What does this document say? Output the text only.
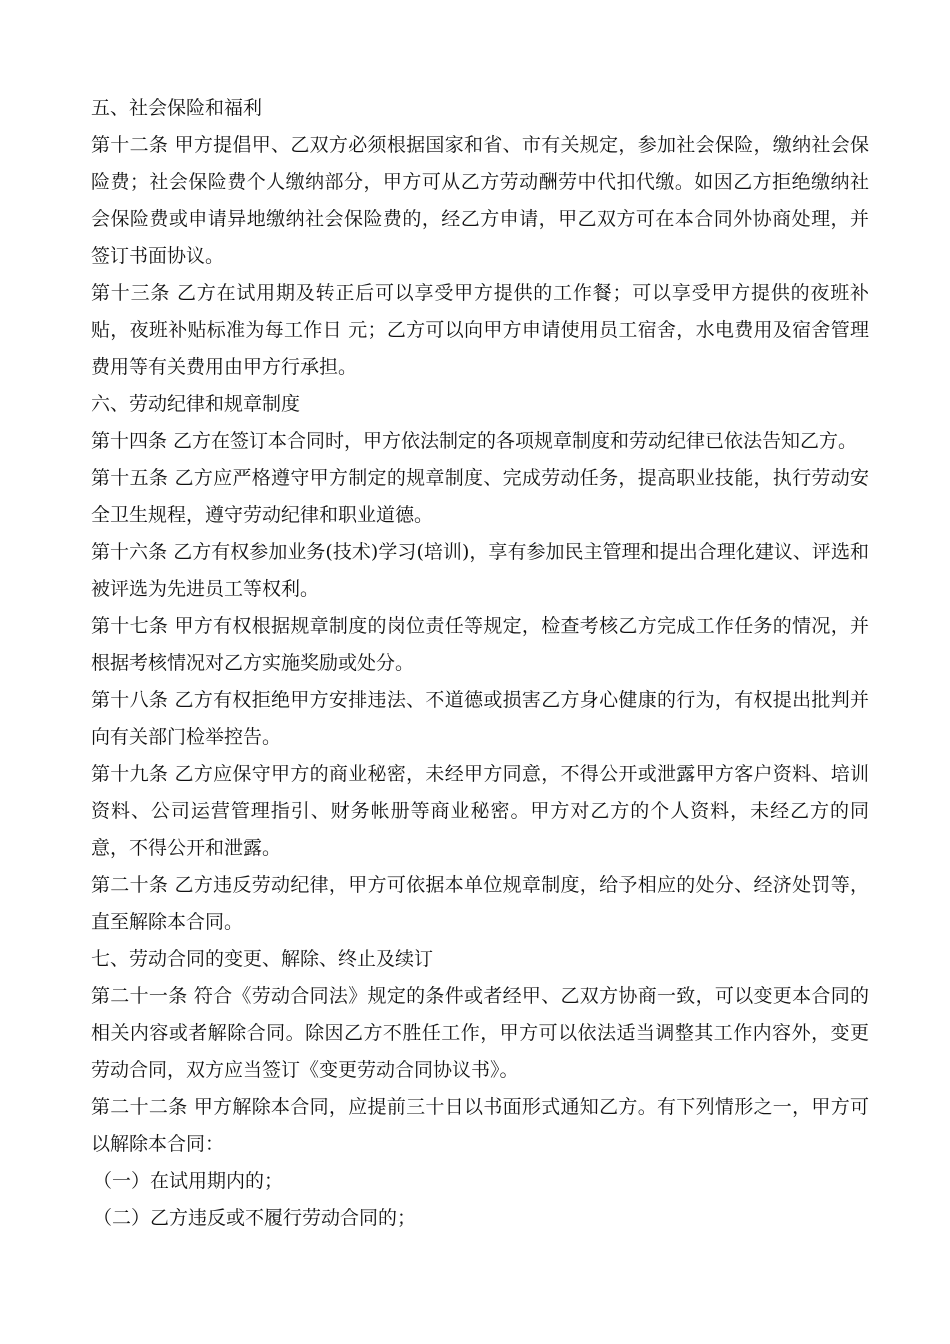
五、社会保险和福利

第十二条 甲方提倡甲、乙双方必须根据国家和省、市有关规定，参加社会保险，缴纳社会保险费；社会保险费个人缴纳部分，甲方可从乙方劳动酬劳中代扣代缴。如因乙方拒绝缴纳社会保险费或申请异地缴纳社会保险费的，经乙方申请，甲乙双方可在本合同外协商处理，并签订书面协议。

第十三条 乙方在试用期及转正后可以享受甲方提供的工作餐；可以享受甲方提供的夜班补贴，夜班补贴标准为每工作日 元；乙方可以向甲方申请使用员工宿舍，水电费用及宿舍管理费用等有关费用由甲方行承担。

六、劳动纪律和规章制度

第十四条 乙方在签订本合同时，甲方依法制定的各项规章制度和劳动纪律已依法告知乙方。

第十五条 乙方应严格遵守甲方制定的规章制度、完成劳动任务，提高职业技能，执行劳动安全卫生规程，遵守劳动纪律和职业道德。

第十六条 乙方有权参加业务(技术)学习(培训)，享有参加民主管理和提出合理化建议、评选和被评选为先进员工等权利。

第十七条 甲方有权根据规章制度的岗位责任等规定，检查考核乙方完成工作任务的情况，并根据考核情况对乙方实施奖励或处分。

第十八条 乙方有权拒绝甲方安排违法、不道德或损害乙方身心健康的行为，有权提出批判并向有关部门检举控告。

第十九条 乙方应保守甲方的商业秘密，未经甲方同意，不得公开或泄露甲方客户资料、培训资料、公司运营管理指引、财务帐册等商业秘密。甲方对乙方的个人资料，未经乙方的同意，不得公开和泄露。

第二十条 乙方违反劳动纪律，甲方可依据本单位规章制度，给予相应的处分、经济处罚等，直至解除本合同。

七、劳动合同的变更、解除、终止及续订

第二十一条 符合《劳动合同法》规定的条件或者经甲、乙双方协商一致，可以变更本合同的相关内容或者解除合同。除因乙方不胜任工作，甲方可以依法适当调整其工作内容外，变更劳动合同，双方应当签订《变更劳动合同协议书》。

第二十二条 甲方解除本合同，应提前三十日以书面形式通知乙方。有下列情形之一，甲方可以解除本合同：

（一）在试用期内的；

（二）乙方违反或不履行劳动合同的；
